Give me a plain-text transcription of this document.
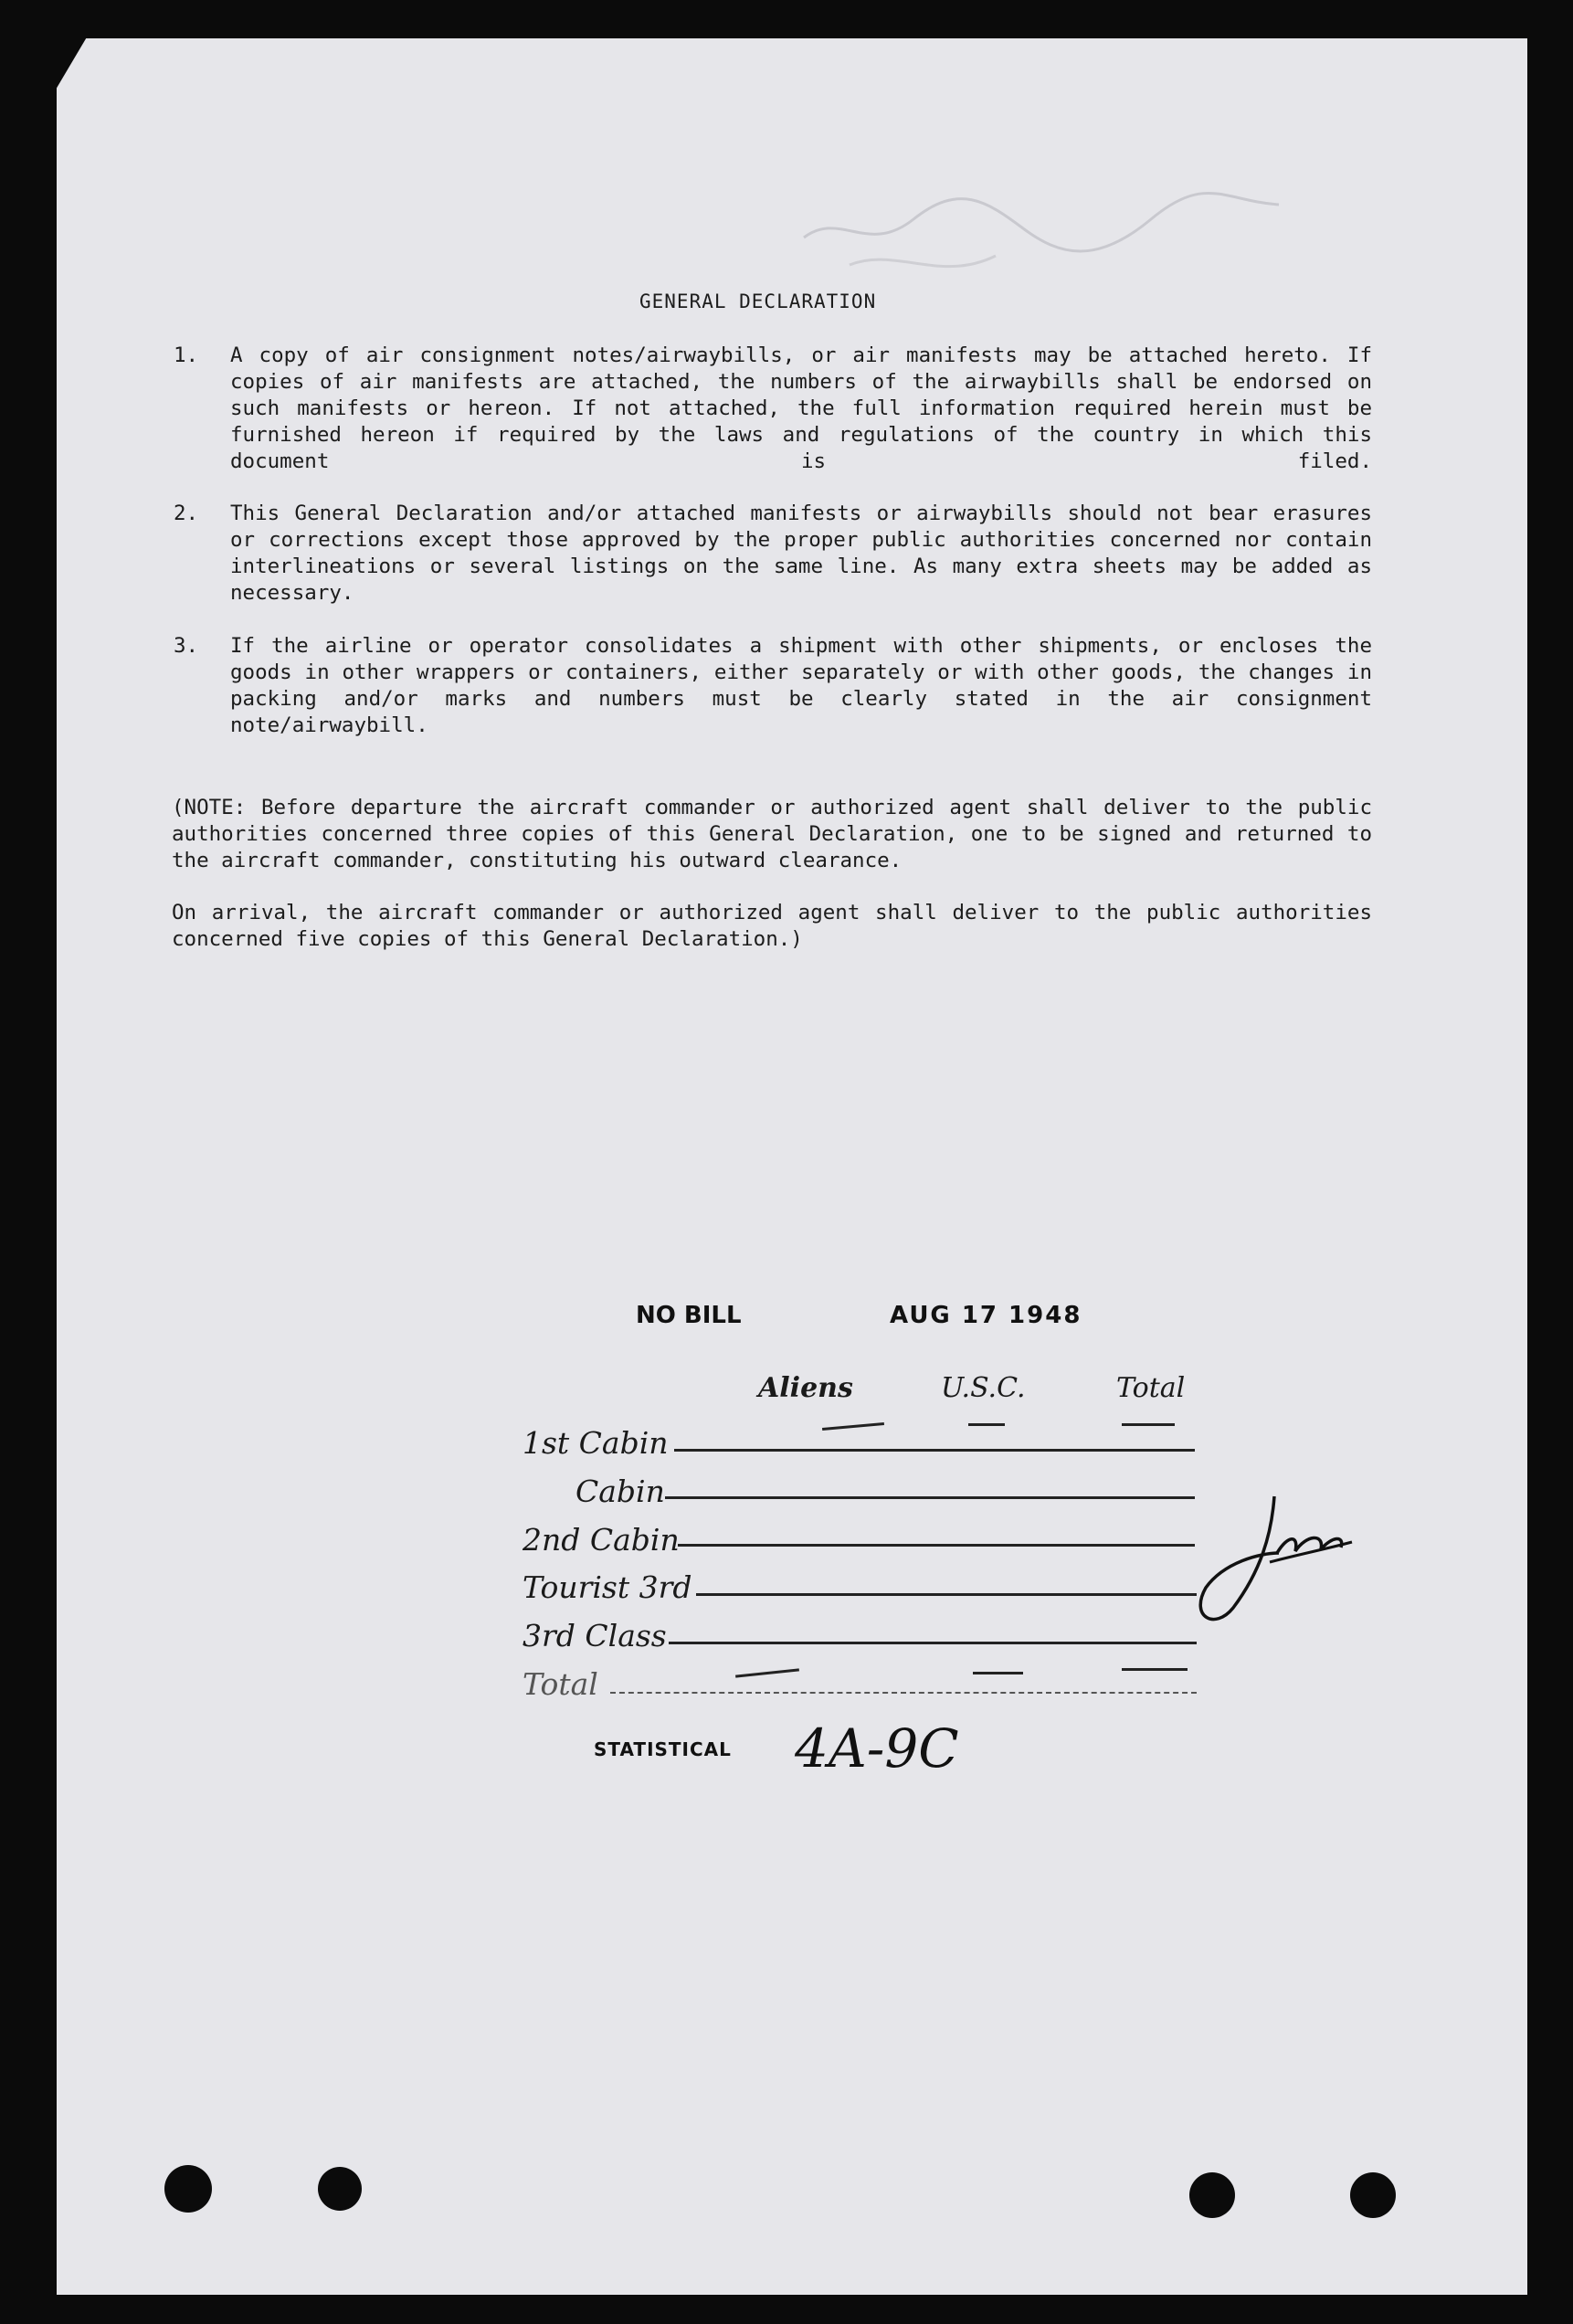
GENERAL DECLARATION
1. A copy of air consignment notes/airwaybills, or air manifests may be attached hereto. If copies of air manifests are attached, the numbers of the airwaybills shall be endorsed on such manifests or hereon. If not attached, the full information required herein must be furnished hereon if required by the laws and regulations of the country in which this document is filed.

2. This General Declaration and/or attached manifests or airwaybills should not bear erasures or corrections except those approved by the proper public authorities concerned nor contain interlineations or several listings on the same line. As many extra sheets may be added as necessary.

3. If the airline or operator consolidates a shipment with other shipments, or encloses the goods in other wrappers or containers, either separately or with other goods, the changes in packing and/or marks and numbers must be clearly stated in the air consignment note/airwaybill.

(NOTE: Before departure the aircraft commander or authorized agent shall deliver to the public authorities concerned three copies of this General Declaration, one to be signed and returned to the aircraft commander, constituting his outward clearance.

On arrival, the aircraft commander or authorized agent shall deliver to the public authorities concerned five copies of this General Declaration.)

NO BILL	AUG 17 1948
Aliens	U.S.C.	Total
1st Cabin
Cabin
2nd Cabin
Tourist 3rd
3rd Class
Total
STATISTICAL 4A-9C
